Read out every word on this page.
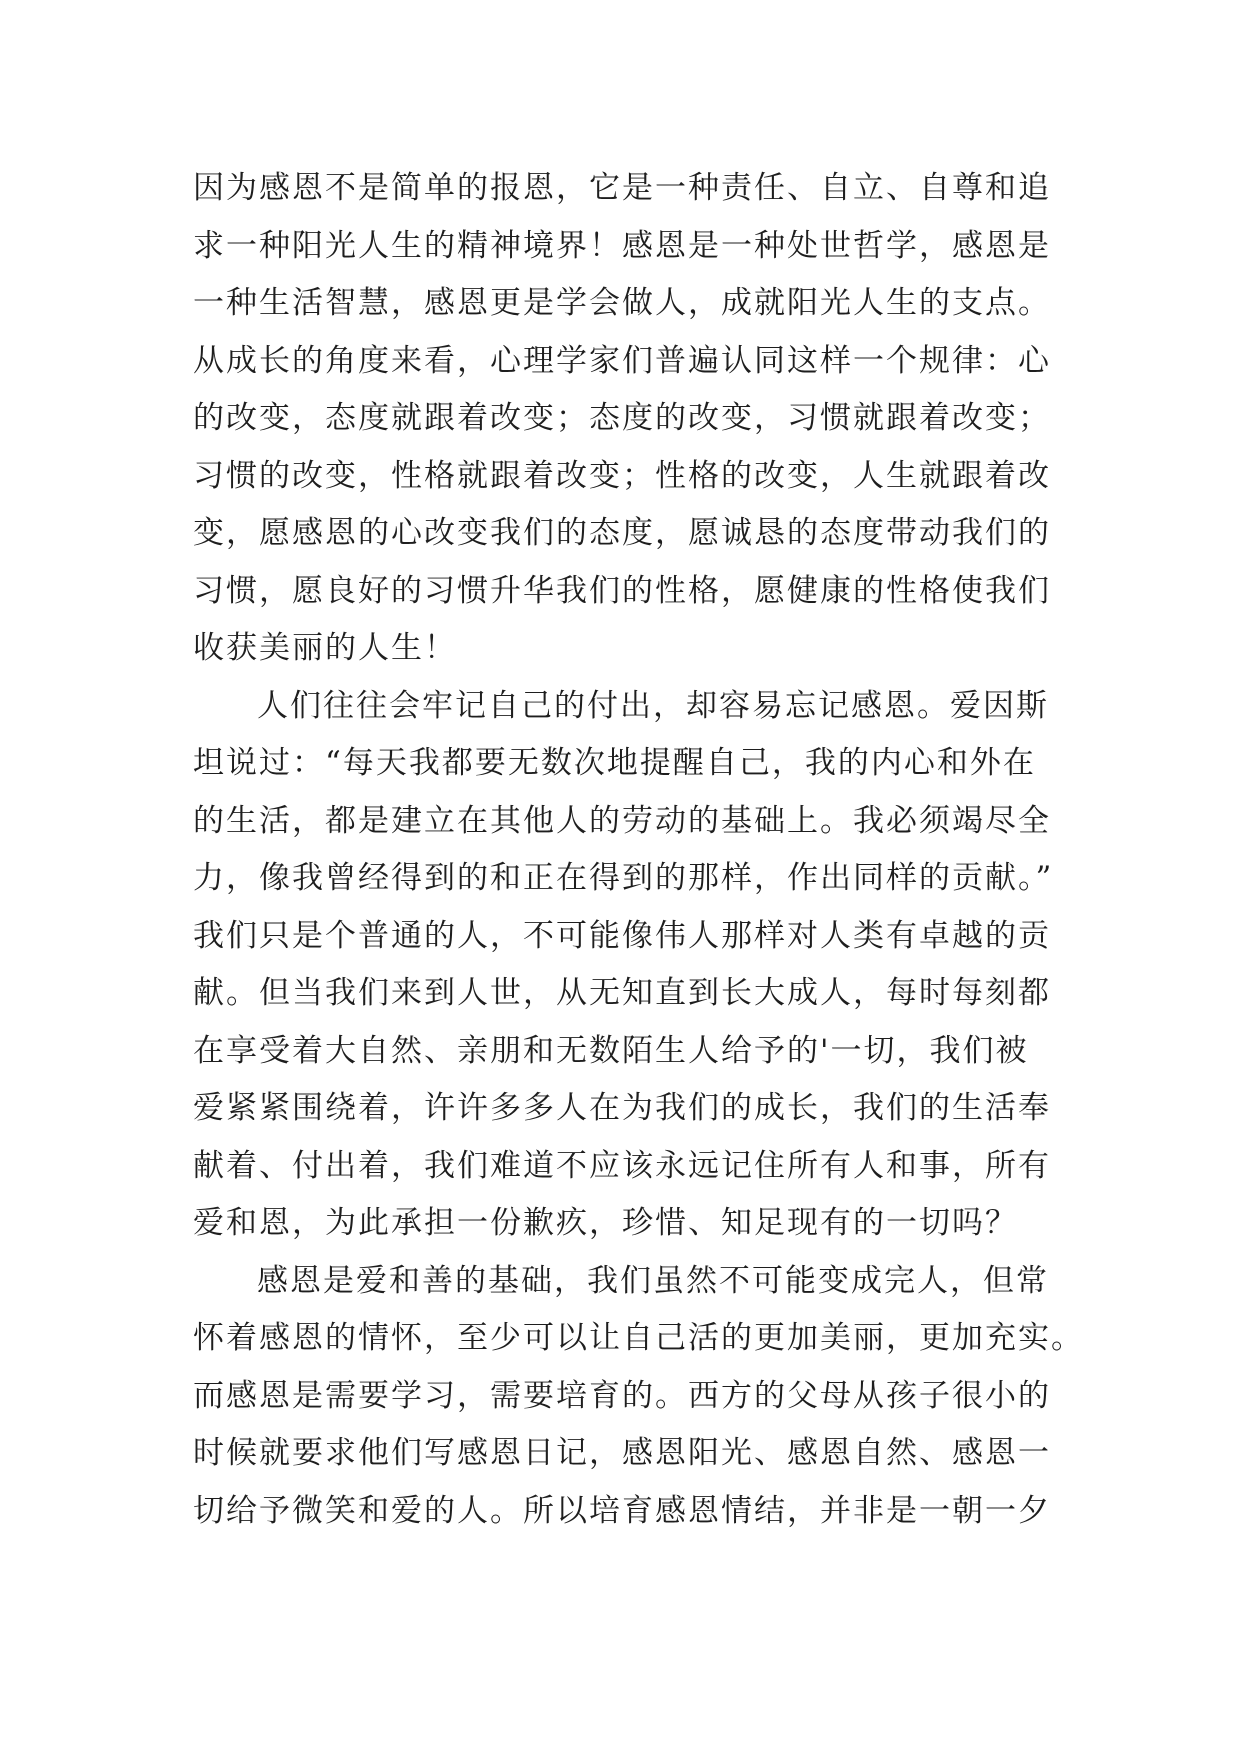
因为感恩不是简单的报恩，它是一种责任、自立、自尊和追
求一种阳光人生的精神境界！感恩是一种处世哲学，感恩是
一种生活智慧，感恩更是学会做人，成就阳光人生的支点。
从成长的角度来看，心理学家们普遍认同这样一个规律：心
的改变，态度就跟着改变；态度的改变，习惯就跟着改变；
习惯的改变，性格就跟着改变；性格的改变，人生就跟着改
变，愿感恩的心改变我们的态度，愿诚恳的态度带动我们的
习惯，愿良好的习惯升华我们的性格，愿健康的性格使我们
收获美丽的人生！
人们往往会牢记自己的付出，却容易忘记感恩。爱因斯
坦说过：“每天我都要无数次地提醒自己，我的内心和外在
的生活，都是建立在其他人的劳动的基础上。我必须竭尽全
力，像我曾经得到的和正在得到的那样，作出同样的贡献。”
我们只是个普通的人，不可能像伟人那样对人类有卓越的贡
献。但当我们来到人世，从无知直到长大成人，每时每刻都
在享受着大自然、亲朋和无数陌生人给予的'一切，我们被
爱紧紧围绕着，许许多多人在为我们的成长，我们的生活奉
献着、付出着，我们难道不应该永远记住所有人和事，所有
爱和恩，为此承担一份歉疚，珍惜、知足现有的一切吗？
感恩是爱和善的基础，我们虽然不可能变成完人，但常
怀着感恩的情怀，至少可以让自己活的更加美丽，更加充实。
而感恩是需要学习，需要培育的。西方的父母从孩子很小的
时候就要求他们写感恩日记，感恩阳光、感恩自然、感恩一
切给予微笑和爱的人。所以培育感恩情结，并非是一朝一夕
